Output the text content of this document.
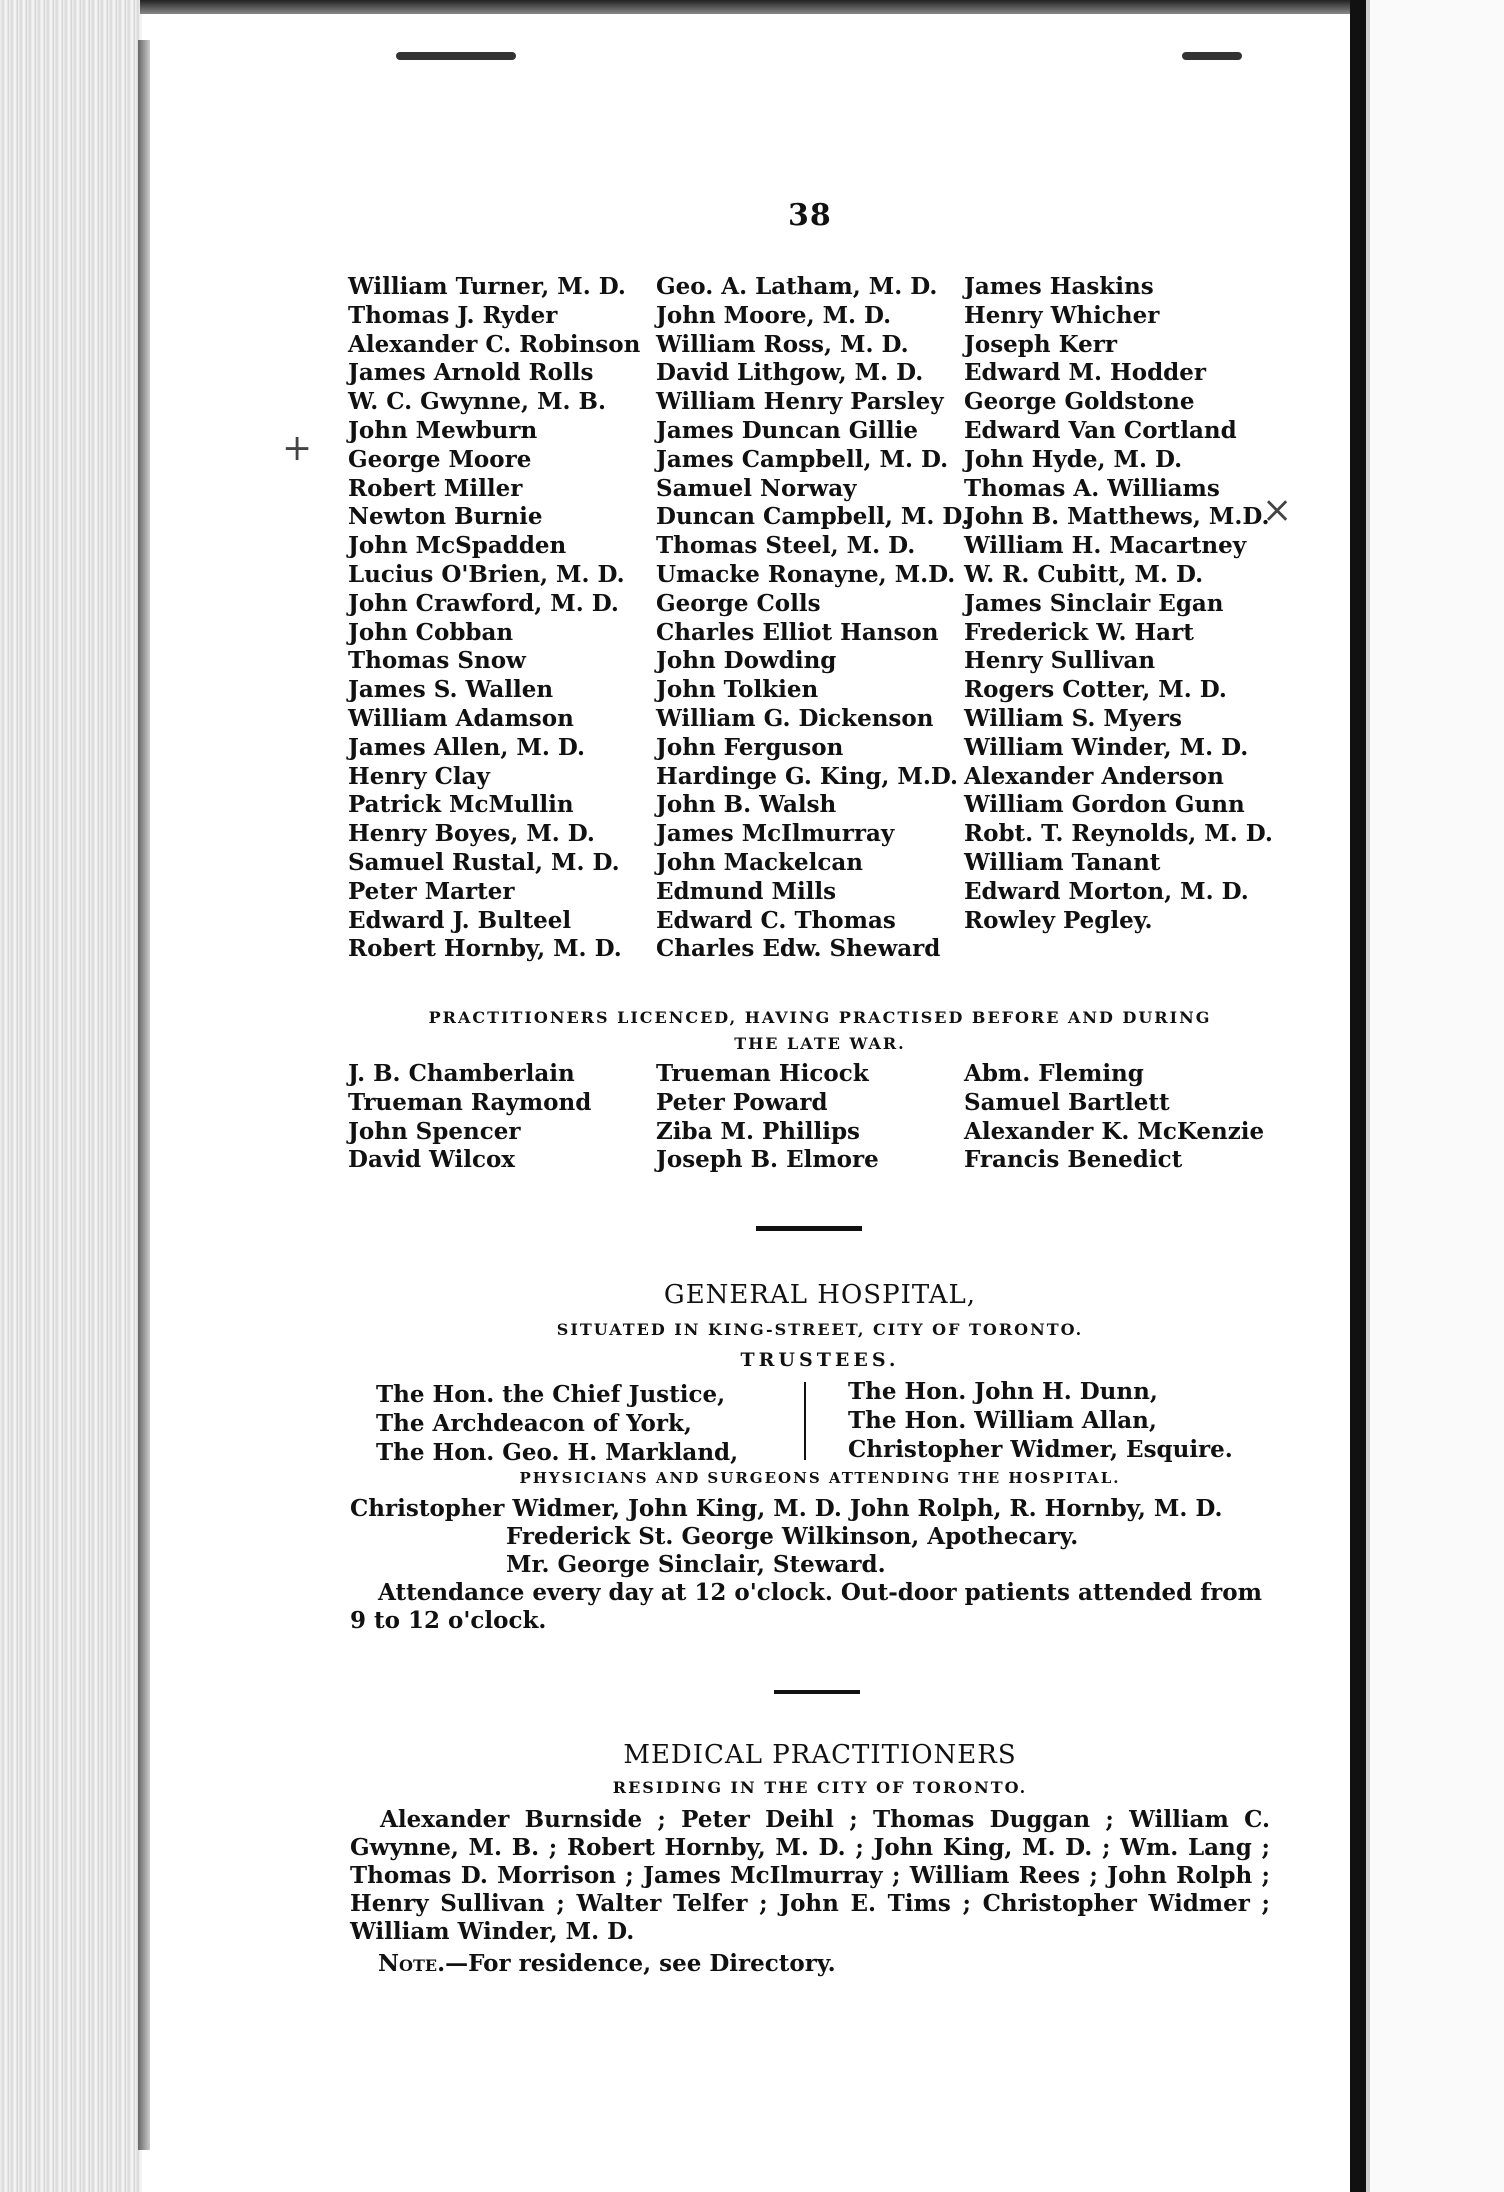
+
×
38
William Turner, M. D.
Thomas J. Ryder
Alexander C. Robinson
James Arnold Rolls
W. C. Gwynne, M. B.
John Mewburn
George Moore
Robert Miller
Newton Burnie
John McSpadden
Lucius O'Brien, M. D.
John Crawford, M. D.
John Cobban
Thomas Snow
James S. Wallen
William Adamson
James Allen, M. D.
Henry Clay
Patrick McMullin
Henry Boyes, M. D.
Samuel Rustal, M. D.
Peter Marter
Edward J. Bulteel
Robert Hornby, M. D.
Geo. A. Latham, M. D.
John Moore, M. D.
William Ross, M. D.
David Lithgow, M. D.
William Henry Parsley
James Duncan Gillie
James Campbell, M. D.
Samuel Norway
Duncan Campbell, M. D.
Thomas Steel, M. D.
Umacke Ronayne, M.D.
George Colls
Charles Elliot Hanson
John Dowding
John Tolkien
William G. Dickenson
John Ferguson
Hardinge G. King, M.D.
John B. Walsh
James McIlmurray
John Mackelcan
Edmund Mills
Edward C. Thomas
Charles Edw. Sheward
James Haskins
Henry Whicher
Joseph Kerr
Edward M. Hodder
George Goldstone
Edward Van Cortland
John Hyde, M. D.
Thomas A. Williams
John B. Matthews, M.D.
William H. Macartney
W. R. Cubitt, M. D.
James Sinclair Egan
Frederick W. Hart
Henry Sullivan
Rogers Cotter, M. D.
William S. Myers
William Winder, M. D.
Alexander Anderson
William Gordon Gunn
Robt. T. Reynolds, M. D.
William Tanant
Edward Morton, M. D.
Rowley Pegley.
PRACTITIONERS LICENCED, HAVING PRACTISED BEFORE AND DURING
THE LATE WAR.
J. B. Chamberlain
Trueman Raymond
John Spencer
David Wilcox
Trueman Hicock
Peter Poward
Ziba M. Phillips
Joseph B. Elmore
Abm. Fleming
Samuel Bartlett
Alexander K. McKenzie
Francis Benedict
GENERAL HOSPITAL,
SITUATED IN KING-STREET, CITY OF TORONTO.
TRUSTEES.
The Hon. the Chief Justice,
The Archdeacon of York,
The Hon. Geo. H. Markland,
The Hon. John H. Dunn,
The Hon. William Allan,
Christopher Widmer, Esquire.
PHYSICIANS AND SURGEONS ATTENDING THE HOSPITAL.
Christopher Widmer, John King, M. D. John Rolph, R. Hornby, M. D.
Frederick St. George Wilkinson, Apothecary.
Mr. George Sinclair, Steward.
Attendance every day at 12 o'clock. Out-door patients attended from
9 to 12 o'clock.
MEDICAL PRACTITIONERS
RESIDING IN THE CITY OF TORONTO.
Alexander Burnside ; Peter Deihl ; Thomas Duggan ; William C. Gwynne, M. B. ; Robert Hornby, M. D. ; John King, M. D. ; Wm. Lang ; Thomas D. Morrison ; James McIlmurray ; William Rees ; John Rolph ; Henry Sullivan ; Walter Telfer ; John E. Tims ; Christopher Widmer ; William Winder, M. D.
Note.—For residence, see Directory.
